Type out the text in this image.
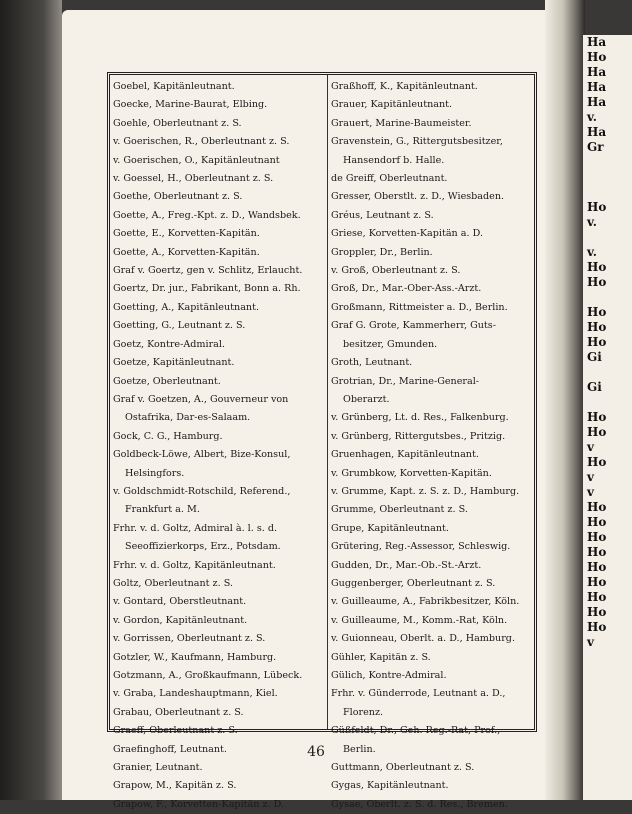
Ha
Ho
Ha
Ha
Ha
v.
Ha
Gr
Ho
v.
v.
Ho
Ho
Ho
Ho
Ho
Gi
Gi
Ho
Ho
v
Ho
v
v
Ho
Ho
Ho
Ho
Ho
Ho
Ho
Ho
Ho
v
Goebel, Kapitänleutnant.
Goecke, Marine-Baurat, Elbing.
Goehle, Oberleutnant z. S.
v. Goerischen, R., Oberleutnant z. S.
v. Goerischen, O., Kapitänleutnant
v. Goessel, H., Oberleutnant z. S.
Goethe, Oberleutnant z. S.
Goette, A., Freg.-Kpt. z. D., Wandsbek.
Goette, E., Korvetten-Kapitän.
Goette, A., Korvetten-Kapitän.
Graf v. Goertz, gen v. Schlitz, Erlaucht.
Goertz, Dr. jur., Fabrikant, Bonn a. Rh.
Goetting, A., Kapitänleutnant.
Goetting, G., Leutnant z. S.
Goetz, Kontre-Admiral.
Goetze, Kapitänleutnant.
Goetze, Oberleutnant.
Graf v. Goetzen, A., Gouverneur von
Ostafrika, Dar-es-Salaam.
Gock, C. G., Hamburg.
Goldbeck-Löwe, Albert, Bize-Konsul,
Helsingfors.
v. Goldschmidt-Rotschild, Referend.,
Frankfurt a. M.
Frhr. v. d. Goltz, Admiral à. l. s. d.
Seeoffizierkorps, Erz., Potsdam.
Frhr. v. d. Goltz, Kapitänleutnant.
Goltz, Oberleutnant z. S.
v. Gontard, Oberstleutnant.
v. Gordon, Kapitänleutnant.
v. Gorrissen, Oberleutnant z. S.
Gotzler, W., Kaufmann, Hamburg.
Gotzmann, A., Großkaufmann, Lübeck.
v. Graba, Landeshauptmann, Kiel.
Grabau, Oberleutnant z. S.
Graeff, Oberleutnant z. S.
Graefinghoff, Leutnant.
Granier, Leutnant.
Grapow, M., Kapitän z. S.
Grapow, F., Korvetten-Kapitän z. D.
Graßhoff, K., Kapitänleutnant.
Grauer, Kapitänleutnant.
Grauert, Marine-Baumeister.
Gravenstein, G., Rittergutsbesitzer,
Hansendorf b. Halle.
de Greiff, Oberleutnant.
Gresser, Oberstlt. z. D., Wiesbaden.
Gréus, Leutnant z. S.
Griese, Korvetten-Kapitän a. D.
Groppler, Dr., Berlin.
v. Groß, Oberleutnant z. S.
Groß, Dr., Mar.-Ober-Ass.-Arzt.
Großmann, Rittmeister a. D., Berlin.
Graf G. Grote, Kammerherr, Guts-
besitzer, Gmunden.
Groth, Leutnant.
Grotrian, Dr., Marine-General-
Oberarzt.
v. Grünberg, Lt. d. Res., Falkenburg.
v. Grünberg, Rittergutsbes., Pritzig.
Gruenhagen, Kapitänleutnant.
v. Grumbkow, Korvetten-Kapitän.
v. Grumme, Kapt. z. S. z. D., Hamburg.
Grumme, Oberleutnant z. S.
Grupe, Kapitänleutnant.
Grütering, Reg.-Assessor, Schleswig.
Gudden, Dr., Mar.-Ob.-St.-Arzt.
Guggenberger, Oberleutnant z. S.
v. Guilleaume, A., Fabrikbesitzer, Köln.
v. Guilleaume, M., Komm.-Rat, Köln.
v. Guionneau, Oberlt. a. D., Hamburg.
Gühler, Kapitän z. S.
Gülich, Kontre-Admiral.
Frhr. v. Günderrode, Leutnant a. D.,
Florenz.
Güßfeldt, Dr., Geh. Reg.-Rat, Prof.,
Berlin.
Guttmann, Oberleutnant z. S.
Gygas, Kapitänleutnant.
Gysae, Oberlt. z. S. d. Res., Bremen.
46
